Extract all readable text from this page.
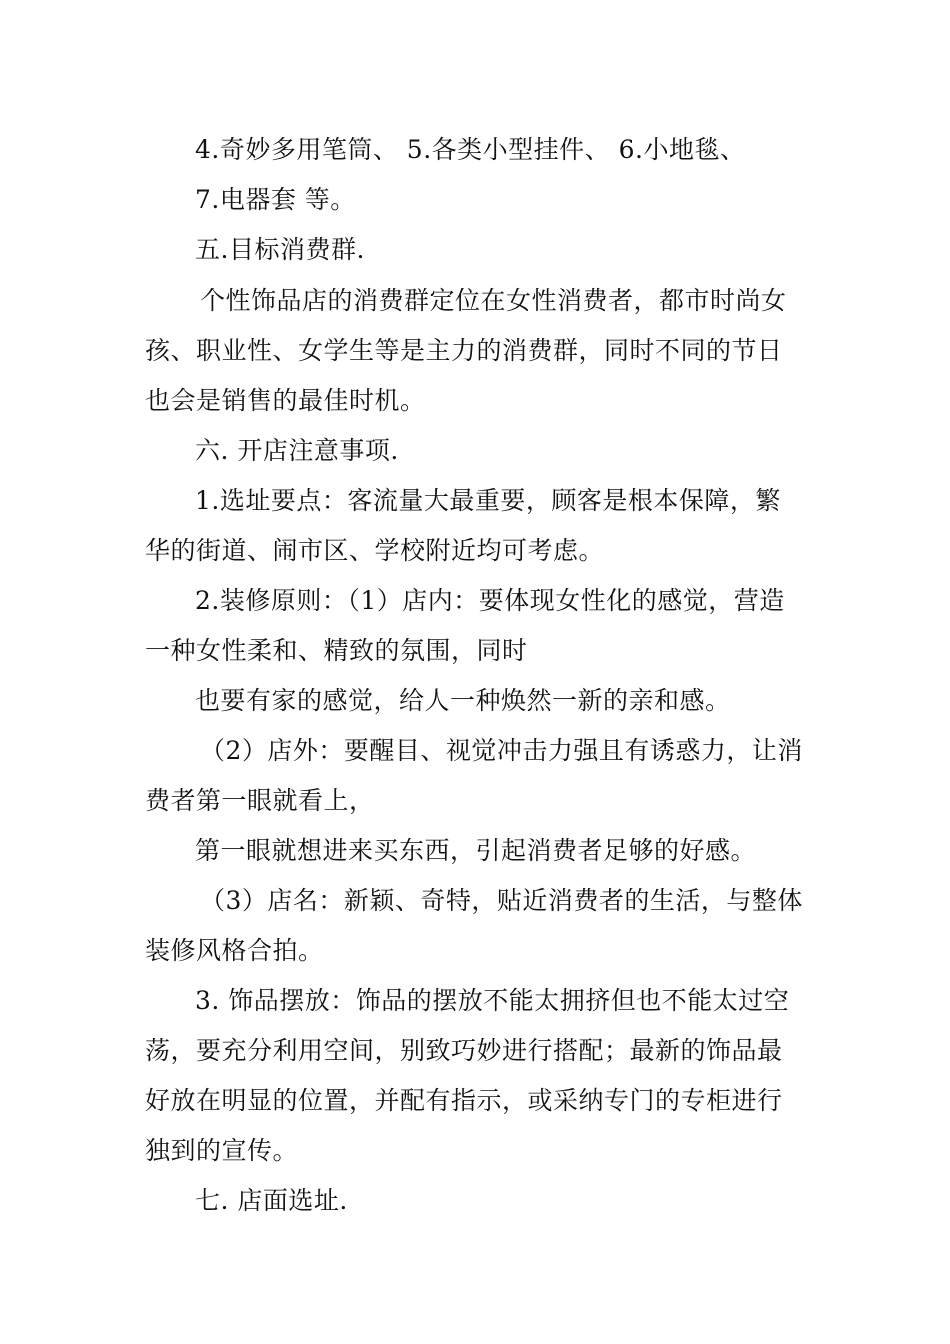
4.奇妙多用笔筒、 5.各类小型挂件、 6.小地毯、
7.电器套 等。
五.目标消费群.
个性饰品店的消费群定位在女性消费者，都市时尚女
孩、职业性、女学生等是主力的消费群，同时不同的节日
也会是销售的最佳时机。
六. 开店注意事项.
1.选址要点：客流量大最重要，顾客是根本保障，繁
华的街道、闹市区、学校附近均可考虑。
2.装修原则：（1）店内：要体现女性化的感觉，营造
一种女性柔和、精致的氛围，同时
也要有家的感觉，给人一种焕然一新的亲和感。
（2）店外：要醒目、视觉冲击力强且有诱惑力，让消
费者第一眼就看上，
第一眼就想进来买东西，引起消费者足够的好感。
（3）店名：新颖、奇特，贴近消费者的生活，与整体
装修风格合拍。
3. 饰品摆放：饰品的摆放不能太拥挤但也不能太过空
荡，要充分利用空间，别致巧妙进行搭配；最新的饰品最
好放在明显的位置，并配有指示，或采纳专门的专柜进行
独到的宣传。
七. 店面选址.
